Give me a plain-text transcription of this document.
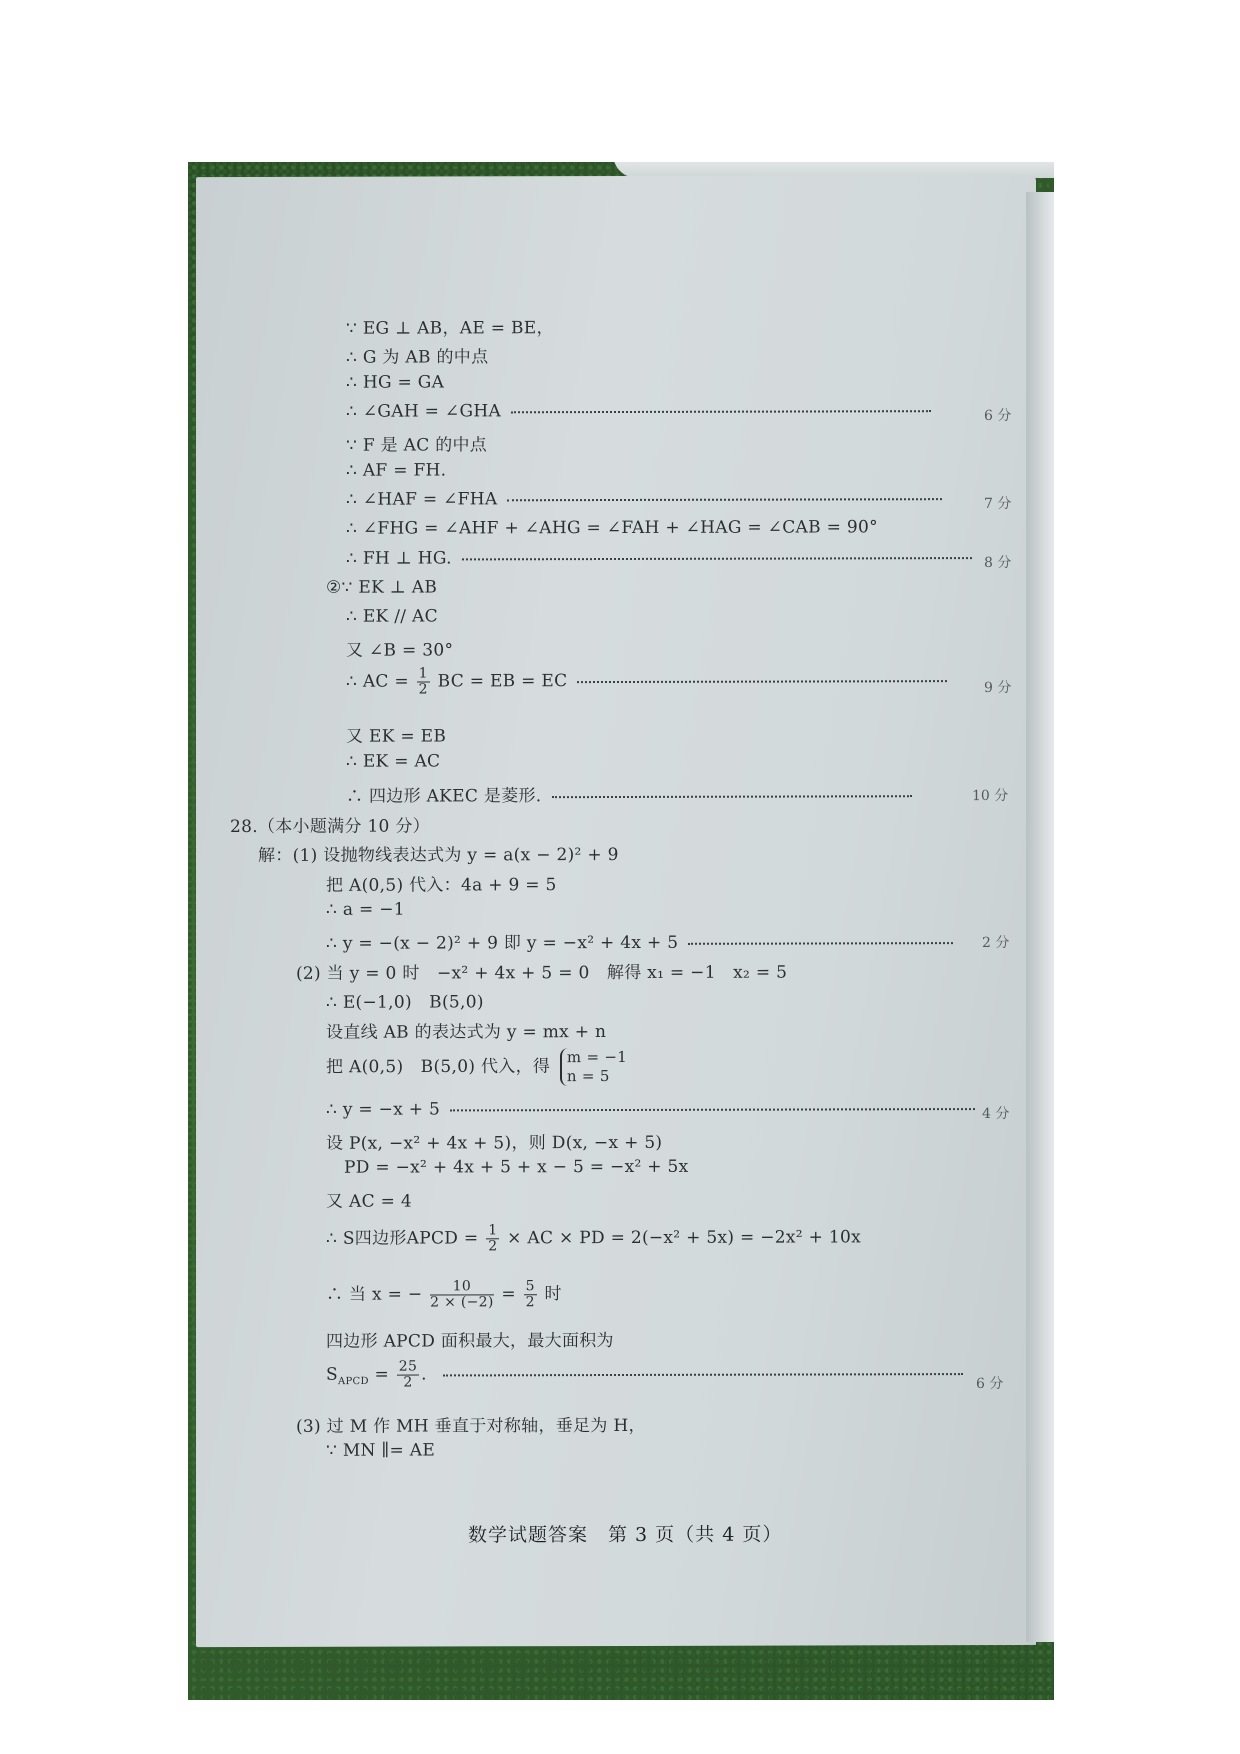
∵ EG ⊥ AB，AE = BE，
∴ G 为 AB 的中点
∴ HG = GA
∴ ∠GAH = ∠GHA	6 分
∵ F 是 AC 的中点
∴ AF = FH.
∴ ∠HAF = ∠FHA	7 分
∴ ∠FHG = ∠AHF + ∠AHG = ∠FAH + ∠HAG = ∠CAB = 90°
∴ FH ⊥ HG.	8 分
②∵ EK ⊥ AB
∴ EK // AC
又 ∠B = 30°
∴ AC = $\frac{1}{2}$ BC = EB = EC	9 分
又 EK = EB
∴ EK = AC
∴ 四边形 AKEC 是菱形.	10 分
28.（本小题满分 10 分）
解：(1) 设抛物线表达式为 y = a(x − 2)² + 9
把 A(0,5) 代入：4a + 9 = 5
∴ a = −1
∴ y = −(x − 2)² + 9 即 y = −x² + 4x + 5	2 分
(2) 当 y = 0 时　−x² + 4x + 5 = 0　解得 x₁ = −1　x₂ = 5
∴ E(−1,0)　B(5,0)
设直线 AB 的表达式为 y = mx + n
把 A(0,5)　B(5,0) 代入，得 m = −1
n = 5
∴ y = −x + 5	4 分
设 P(x, −x² + 4x + 5)，则 D(x, −x + 5)
PD = −x² + 4x + 5 + x − 5 = −x² + 5x
又 AC = 4
∴ S四边形APCD = $\frac{1}{2}$ × AC × PD = 2(−x² + 5x) = −2x² + 10x
∴ 当 x = − $\frac{10}{2 \times (-2)} = \frac{5}{2}$ 时
四边形 APCD 面积最大，最大面积为
$S_{APCD} = \frac{25}{2}$ .	6 分
(3) 过 M 作 MH 垂直于对称轴，垂足为 H，
∵ MN ∥= AE
数学试题答案　第 3 页（共 4 页）
